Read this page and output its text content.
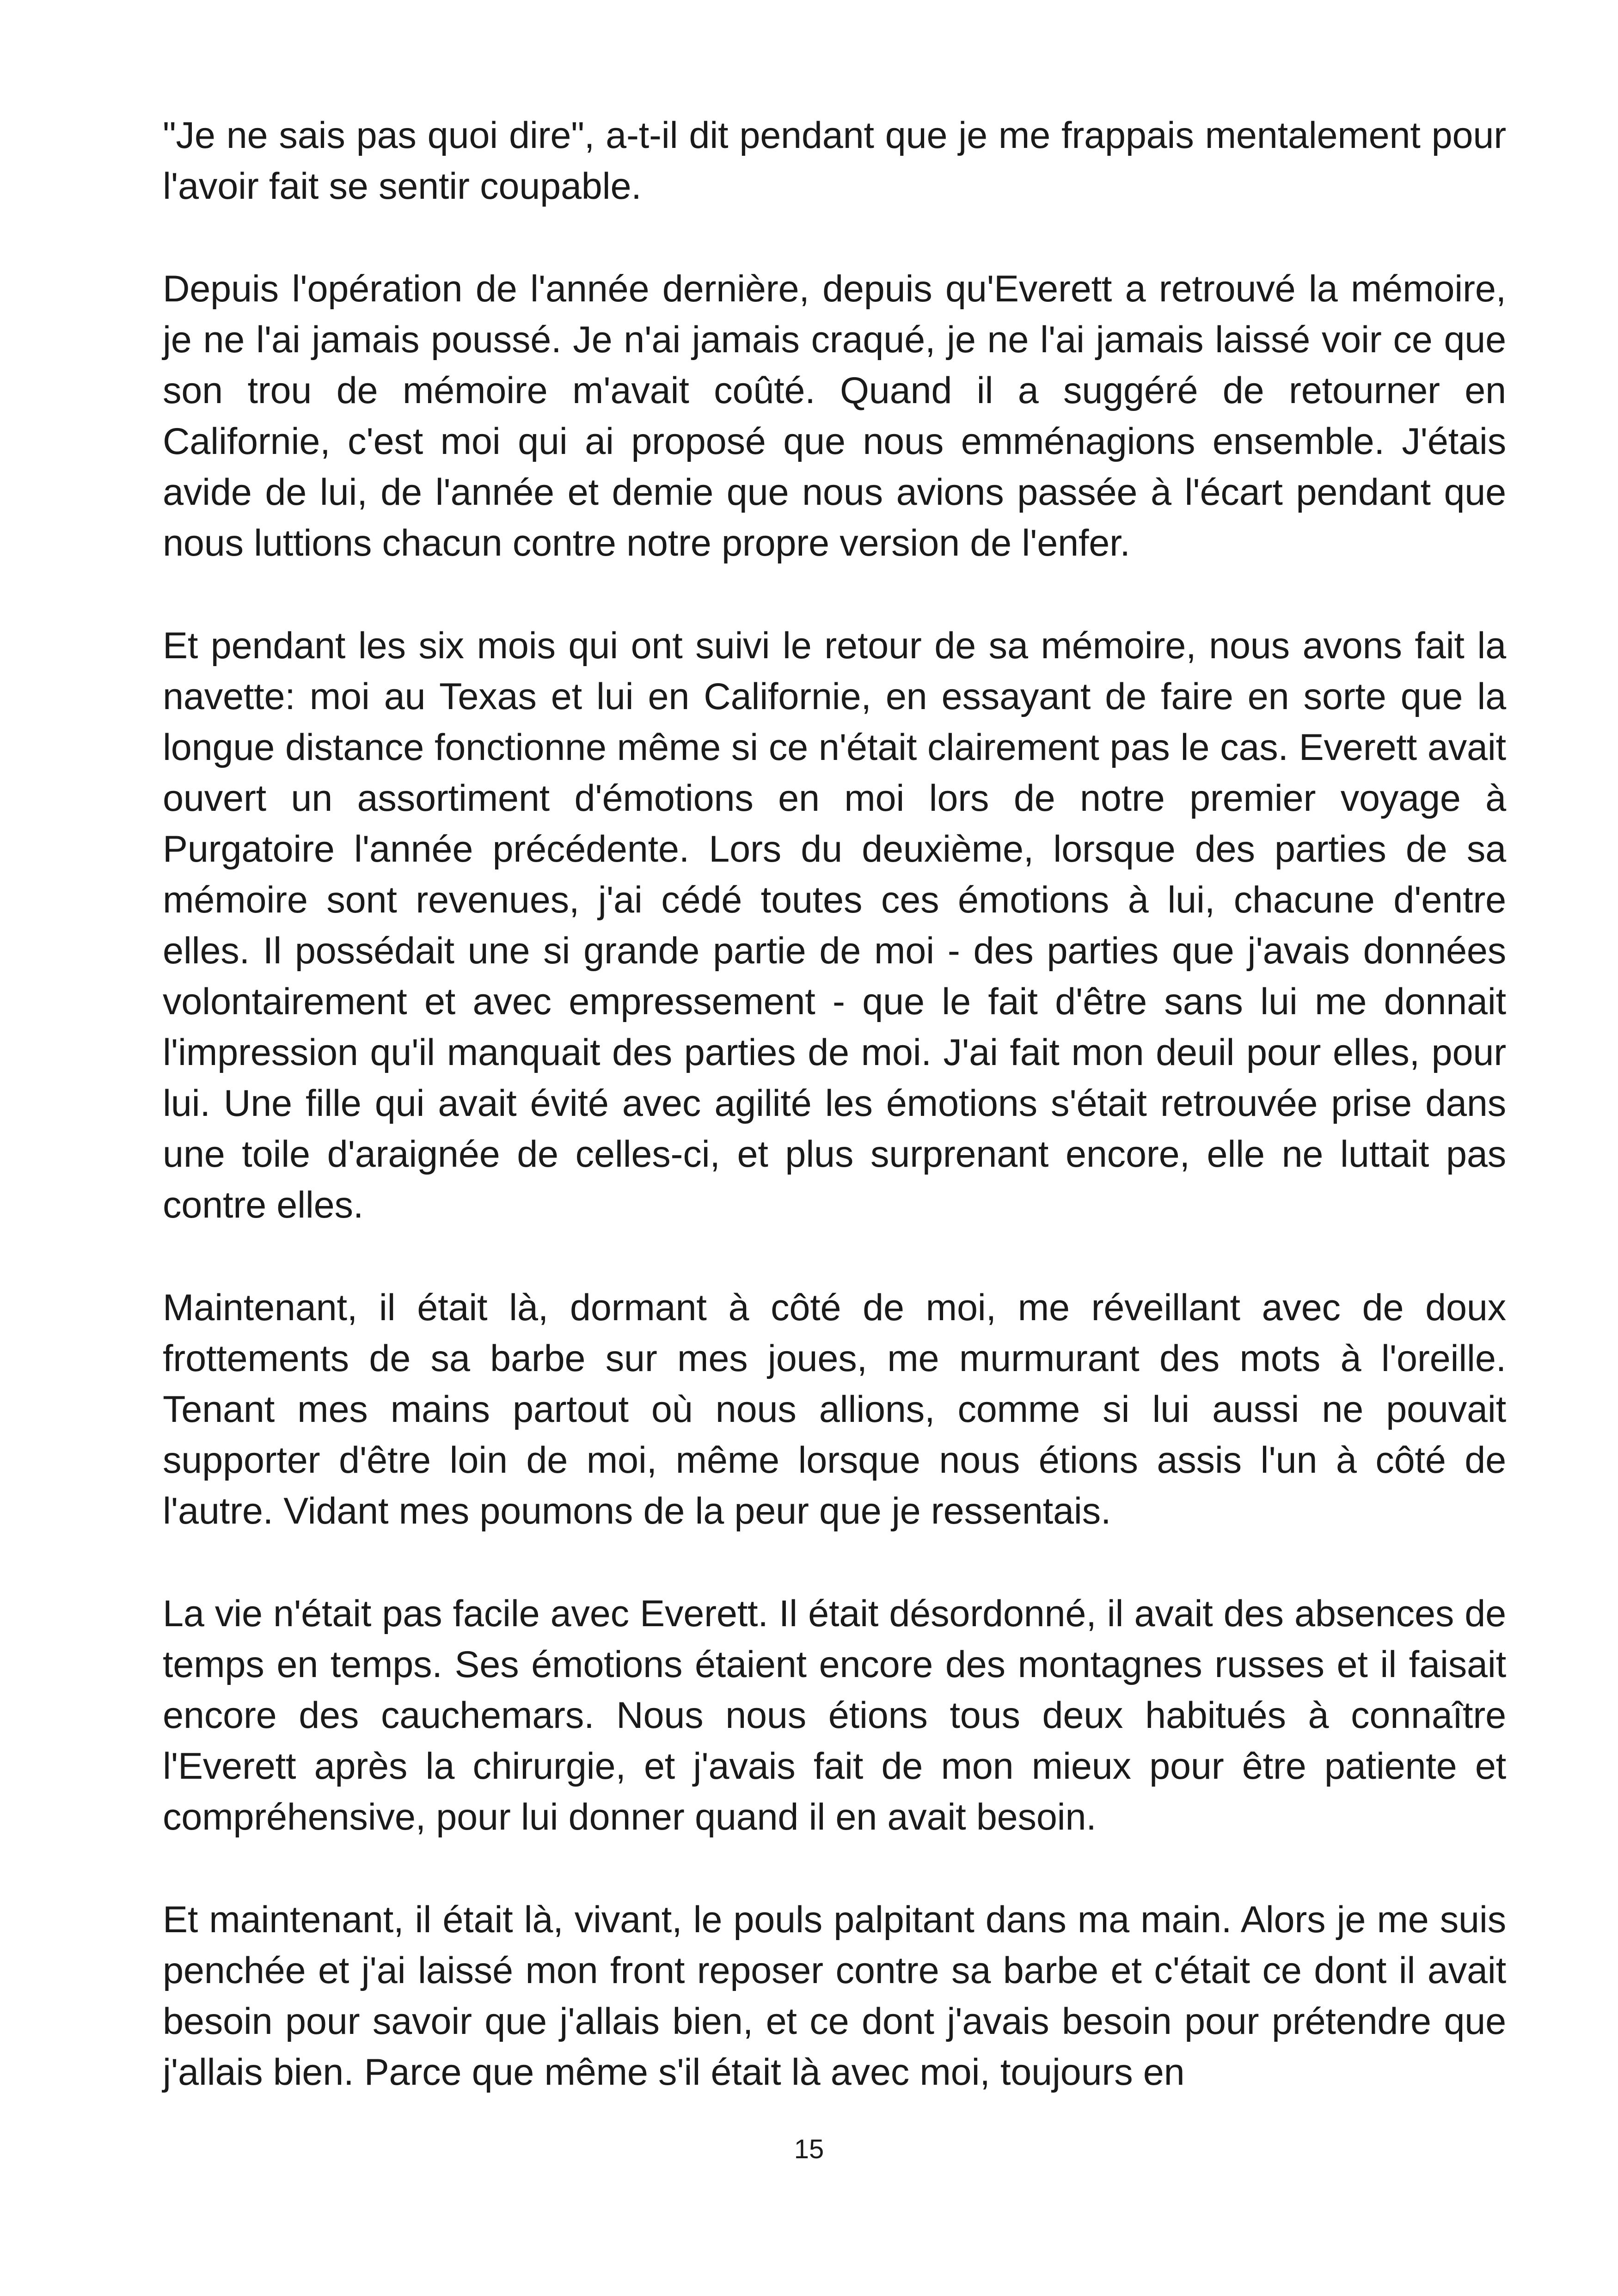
"Je ne sais pas quoi dire", a-t-il dit pendant que je me frappais mentalement pour l'avoir fait se sentir coupable.

Depuis l'opération de l'année dernière, depuis qu'Everett a retrouvé la mémoire, je ne l'ai jamais poussé. Je n'ai jamais craqué, je ne l'ai jamais laissé voir ce que son trou de mémoire m'avait coûté. Quand il a suggéré de retourner en Californie, c'est moi qui ai proposé que nous emménagions ensemble. J'étais avide de lui, de l'année et demie que nous avions passée à l'écart pendant que nous luttions chacun contre notre propre version de l'enfer.

Et pendant les six mois qui ont suivi le retour de sa mémoire, nous avons fait la navette: moi au Texas et lui en Californie, en essayant de faire en sorte que la longue distance fonctionne même si ce n'était clairement pas le cas. Everett avait ouvert un assortiment d'émotions en moi lors de notre premier voyage à Purgatoire l'année précédente. Lors du deuxième, lorsque des parties de sa mémoire sont revenues, j'ai cédé toutes ces émotions à lui, chacune d'entre elles. Il possédait une si grande partie de moi - des parties que j'avais données volontairement et avec empressement - que le fait d'être sans lui me donnait l'impression qu'il manquait des parties de moi. J'ai fait mon deuil pour elles, pour lui. Une fille qui avait évité avec agilité les émotions s'était retrouvée prise dans une toile d'araignée de celles-ci, et plus surprenant encore, elle ne luttait pas contre elles.

Maintenant, il était là, dormant à côté de moi, me réveillant avec de doux frottements de sa barbe sur mes joues, me murmurant des mots à l'oreille. Tenant mes mains partout où nous allions, comme si lui aussi ne pouvait supporter d'être loin de moi, même lorsque nous étions assis l'un à côté de l'autre. Vidant mes poumons de la peur que je ressentais.

La vie n'était pas facile avec Everett. Il était désordonné, il avait des absences de temps en temps. Ses émotions étaient encore des montagnes russes et il faisait encore des cauchemars. Nous nous étions tous deux habitués à connaître l'Everett après la chirurgie, et j'avais fait de mon mieux pour être patiente et compréhensive, pour lui donner quand il en avait besoin.

Et maintenant, il était là, vivant, le pouls palpitant dans ma main. Alors je me suis penchée et j'ai laissé mon front reposer contre sa barbe et c'était ce dont il avait besoin pour savoir que j'allais bien, et ce dont j'avais besoin pour prétendre que j'allais bien. Parce que même s'il était là avec moi, toujours en

15
